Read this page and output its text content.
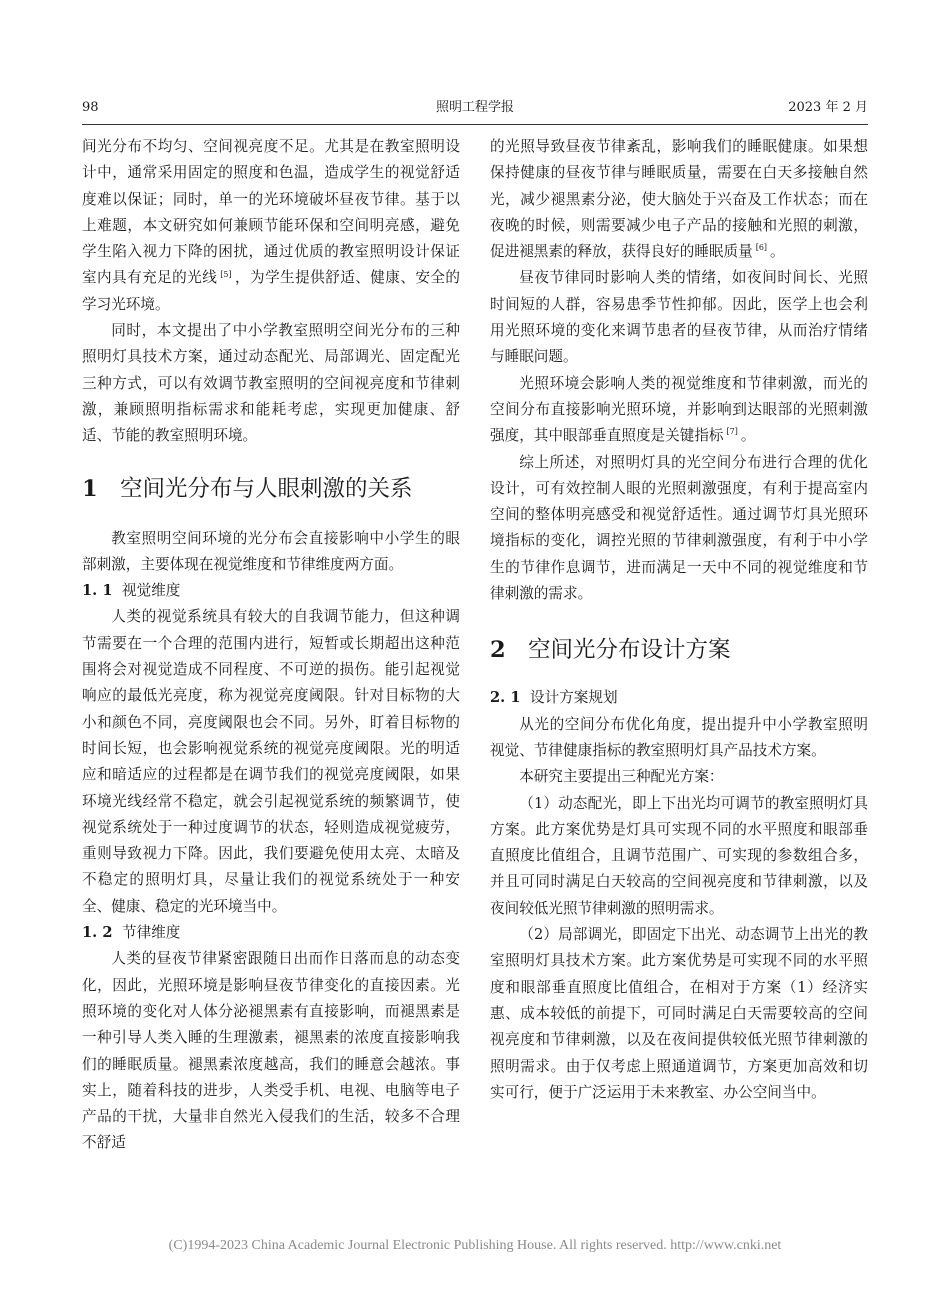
98	照明工程学报	2023 年 2 月

间光分布不均匀、空间视亮度不足。尤其是在教室照明设计中，通常采用固定的照度和色温，造成学生的视觉舒适度难以保证；同时，单一的光环境破坏昼夜节律。基于以上难题，本文研究如何兼顾节能环保和空间明亮感，避免学生陷入视力下降的困扰，通过优质的教室照明设计保证室内具有充足的光线 [5] ，为学生提供舒适、健康、安全的学习光环境。

同时，本文提出了中小学教室照明空间光分布的三种照明灯具技术方案，通过动态配光、局部调光、固定配光三种方式，可以有效调节教室照明的空间视亮度和节律刺激，兼顾照明指标需求和能耗考虑，实现更加健康、舒适、节能的教室照明环境。

1 空间光分布与人眼刺激的关系

教室照明空间环境的光分布会直接影响中小学生的眼部刺激，主要体现在视觉维度和节律维度两方面。

1. 1 视觉维度

人类的视觉系统具有较大的自我调节能力，但这种调节需要在一个合理的范围内进行，短暂或长期超出这种范围将会对视觉造成不同程度、不可逆的损伤。能引起视觉响应的最低光亮度，称为视觉亮度阈限。针对目标物的大小和颜色不同，亮度阈限也会不同。另外，盯着目标物的时间长短，也会影响视觉系统的视觉亮度阈限。光的明适应和暗适应的过程都是在调节我们的视觉亮度阈限，如果环境光线经常不稳定，就会引起视觉系统的频繁调节，使视觉系统处于一种过度调节的状态，轻则造成视觉疲劳，重则导致视力下降。因此，我们要避免使用太亮、太暗及不稳定的照明灯具，尽量让我们的视觉系统处于一种安全、健康、稳定的光环境当中。

1. 2 节律维度

人类的昼夜节律紧密跟随日出而作日落而息的动态变化，因此，光照环境是影响昼夜节律变化的直接因素。光照环境的变化对人体分泌褪黑素有直接影响，而褪黑素是一种引导人类入睡的生理激素，褪黑素的浓度直接影响我们的睡眠质量。褪黑素浓度越高，我们的睡意会越浓。事实上，随着科技的进步，人类受手机、电视、电脑等电子产品的干扰，大量非自然光入侵我们的生活，较多不合理不舒适

的光照导致昼夜节律紊乱，影响我们的睡眠健康。如果想保持健康的昼夜节律与睡眠质量，需要在白天多接触自然光，减少褪黑素分泌，使大脑处于兴奋及工作状态；而在夜晚的时候，则需要减少电子产品的接触和光照的刺激，促进褪黑素的释放，获得良好的睡眠质量 [6] 。

昼夜节律同时影响人类的情绪，如夜间时间长、光照时间短的人群，容易患季节性抑郁。因此，医学上也会利用光照环境的变化来调节患者的昼夜节律，从而治疗情绪与睡眠问题。

光照环境会影响人类的视觉维度和节律刺激，而光的空间分布直接影响光照环境，并影响到达眼部的光照刺激强度，其中眼部垂直照度是关键指标 [7] 。

综上所述，对照明灯具的光空间分布进行合理的优化设计，可有效控制人眼的光照刺激强度，有利于提高室内空间的整体明亮感受和视觉舒适性。通过调节灯具光照环境指标的变化，调控光照的节律刺激强度，有利于中小学生的节律作息调节，进而满足一天中不同的视觉维度和节律刺激的需求。

2 空间光分布设计方案
2. 1 设计方案规划

从光的空间分布优化角度，提出提升中小学教室照明视觉、节律健康指标的教室照明灯具产品技术方案。

本研究主要提出三种配光方案：

（1）动态配光，即上下出光均可调节的教室照明灯具方案。此方案优势是灯具可实现不同的水平照度和眼部垂直照度比值组合，且调节范围广、可实现的参数组合多，并且可同时满足白天较高的空间视亮度和节律刺激，以及夜间较低光照节律刺激的照明需求。

（2）局部调光，即固定下出光、动态调节上出光的教室照明灯具技术方案。此方案优势是可实现不同的水平照度和眼部垂直照度比值组合，在相对于方案（1）经济实惠、成本较低的前提下，可同时满足白天需要较高的空间视亮度和节律刺激，以及在夜间提供较低光照节律刺激的照明需求。由于仅考虑上照通道调节，方案更加高效和切实可行，便于广泛运用于未来教室、办公空间当中。

(C)1994-2023 China Academic Journal Electronic Publishing House. All rights reserved. http://www.cnki.net
